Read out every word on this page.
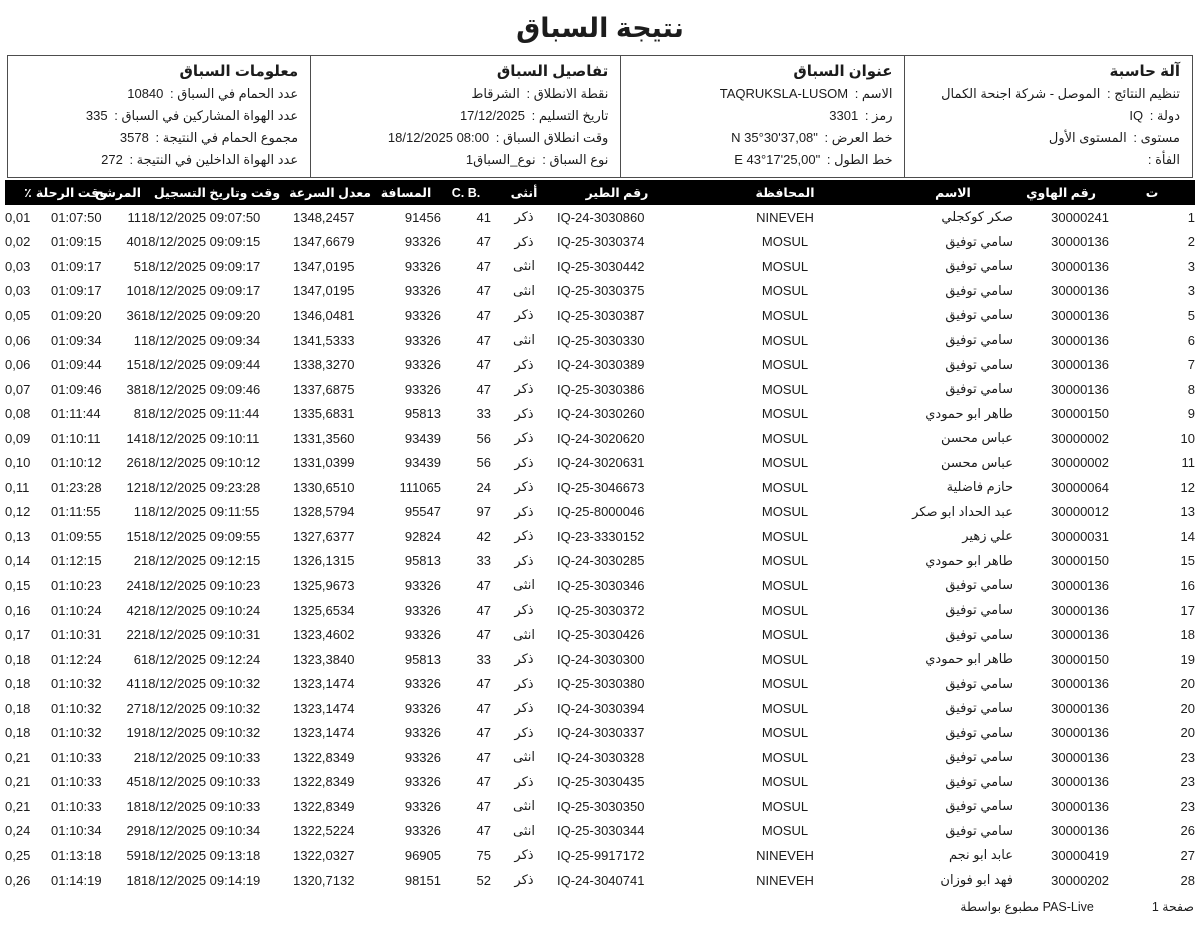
نتيجة السباق
آلة حاسبة
تنظيم النتائج : الموصل - شركة اجنحة الكمال
دولة : IQ
مستوى : المستوى الأول
الفأة :
عنوان السباق
الاسم : TAQRUKSLA-LUSOM
رمز : 3301
خط العرض : N 35°30'37,08"
خط الطول : E 43°17'25,00"
تفاصيل السباق
نقطة الانطلاق : الشرقاط
تاريخ التسليم : 17/12/2025
وقت انطلاق السباق : 18/12/2025 08:00
نوع السباق : نوع_السباق1
معلومات السباق
عدد الحمام في السباق : 10840
عدد الهواة المشاركين في السباق : 335
مجموع الحمام في النتيجة : 3578
عدد الهواة الداخلين في النتيجة : 272
٪	وقت الرحلة	المرشح	وقت وتاريخ التسجيل	معدل السرعة	المسافة	C. B.	أنثى	رقم الطير	المحافظة	الاسم	رقم الهاوي	ت
0,01	01:07:50	11	18/12/2025 09:07:50	1348,2457	91456	41	ذكر	IQ-24-3030860	NINEVEH	صكر كوكجلي	30000241	1
0,02	01:09:15	40	18/12/2025 09:09:15	1347,6679	93326	47	ذكر	IQ-25-3030374	MOSUL	سامي توفيق	30000136	2
0,03	01:09:17	5	18/12/2025 09:09:17	1347,0195	93326	47	انثى	IQ-25-3030442	MOSUL	سامي توفيق	30000136	3
0,03	01:09:17	10	18/12/2025 09:09:17	1347,0195	93326	47	انثى	IQ-25-3030375	MOSUL	سامي توفيق	30000136	3
0,05	01:09:20	36	18/12/2025 09:09:20	1346,0481	93326	47	ذكر	IQ-25-3030387	MOSUL	سامي توفيق	30000136	5
0,06	01:09:34	1	18/12/2025 09:09:34	1341,5333	93326	47	انثى	IQ-25-3030330	MOSUL	سامي توفيق	30000136	6
0,06	01:09:44	15	18/12/2025 09:09:44	1338,3270	93326	47	ذكر	IQ-24-3030389	MOSUL	سامي توفيق	30000136	7
0,07	01:09:46	38	18/12/2025 09:09:46	1337,6875	93326	47	ذكر	IQ-25-3030386	MOSUL	سامي توفيق	30000136	8
0,08	01:11:44	8	18/12/2025 09:11:44	1335,6831	95813	33	ذكر	IQ-24-3030260	MOSUL	طاهر ابو حمودي	30000150	9
0,09	01:10:11	14	18/12/2025 09:10:11	1331,3560	93439	56	ذكر	IQ-24-3020620	MOSUL	عباس محسن	30000002	10
0,10	01:10:12	26	18/12/2025 09:10:12	1331,0399	93439	56	ذكر	IQ-24-3020631	MOSUL	عباس محسن	30000002	11
0,11	01:23:28	12	18/12/2025 09:23:28	1330,6510	111065	24	ذكر	IQ-25-3046673	MOSUL	حازم فاضلية	30000064	12
0,12	01:11:55	1	18/12/2025 09:11:55	1328,5794	95547	97	ذكر	IQ-25-8000046	MOSUL	عبد الحداد ابو صكر	30000012	13
0,13	01:09:55	15	18/12/2025 09:09:55	1327,6377	92824	42	ذكر	IQ-23-3330152	MOSUL	علي زهير	30000031	14
0,14	01:12:15	2	18/12/2025 09:12:15	1326,1315	95813	33	ذكر	IQ-24-3030285	MOSUL	طاهر ابو حمودي	30000150	15
0,15	01:10:23	24	18/12/2025 09:10:23	1325,9673	93326	47	انثى	IQ-25-3030346	MOSUL	سامي توفيق	30000136	16
0,16	01:10:24	42	18/12/2025 09:10:24	1325,6534	93326	47	ذكر	IQ-25-3030372	MOSUL	سامي توفيق	30000136	17
0,17	01:10:31	22	18/12/2025 09:10:31	1323,4602	93326	47	انثى	IQ-25-3030426	MOSUL	سامي توفيق	30000136	18
0,18	01:12:24	6	18/12/2025 09:12:24	1323,3840	95813	33	ذكر	IQ-24-3030300	MOSUL	طاهر ابو حمودي	30000150	19
0,18	01:10:32	41	18/12/2025 09:10:32	1323,1474	93326	47	ذكر	IQ-25-3030380	MOSUL	سامي توفيق	30000136	20
0,18	01:10:32	27	18/12/2025 09:10:32	1323,1474	93326	47	ذكر	IQ-24-3030394	MOSUL	سامي توفيق	30000136	20
0,18	01:10:32	19	18/12/2025 09:10:32	1323,1474	93326	47	ذكر	IQ-24-3030337	MOSUL	سامي توفيق	30000136	20
0,21	01:10:33	2	18/12/2025 09:10:33	1322,8349	93326	47	انثى	IQ-24-3030328	MOSUL	سامي توفيق	30000136	23
0,21	01:10:33	45	18/12/2025 09:10:33	1322,8349	93326	47	ذكر	IQ-25-3030435	MOSUL	سامي توفيق	30000136	23
0,21	01:10:33	18	18/12/2025 09:10:33	1322,8349	93326	47	انثى	IQ-25-3030350	MOSUL	سامي توفيق	30000136	23
0,24	01:10:34	29	18/12/2025 09:10:34	1322,5224	93326	47	انثى	IQ-25-3030344	MOSUL	سامي توفيق	30000136	26
0,25	01:13:18	59	18/12/2025 09:13:18	1322,0327	96905	75	ذكر	IQ-25-9917172	NINEVEH	عابد ابو نجم	30000419	27
0,26	01:14:19	18	18/12/2025 09:14:19	1320,7132	98151	52	ذكر	IQ-24-3040741	NINEVEH	فهد ابو فوزان	30000202	28
مطبوع بواسطة PAS-Live	صفحة 1
